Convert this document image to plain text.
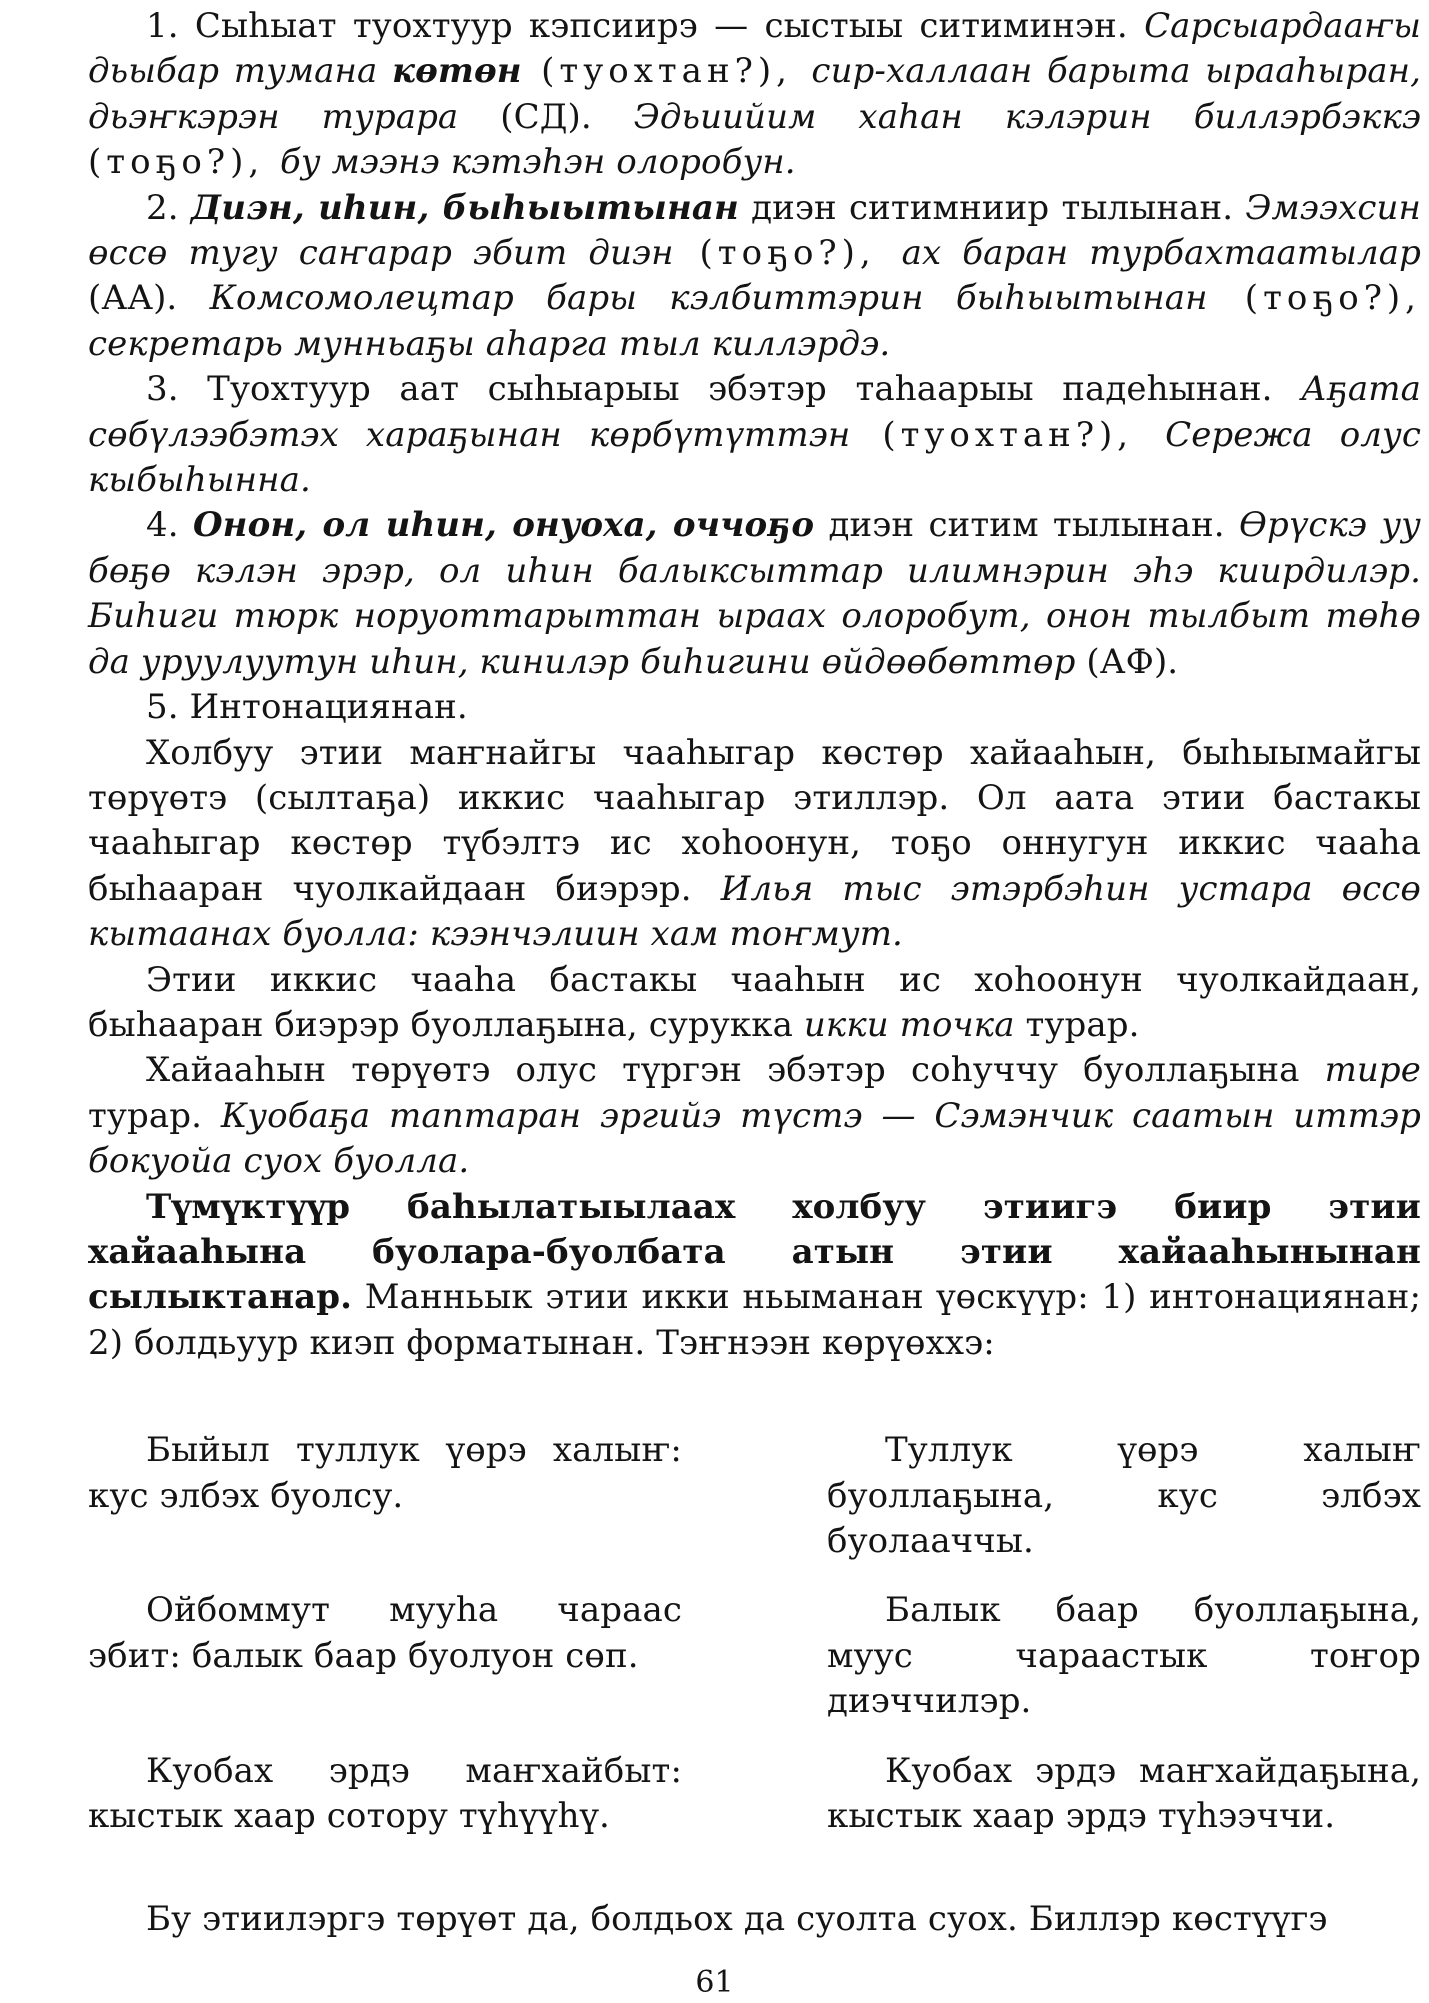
1. Сыһыат туохтуур кэпсиирэ — сыстыы ситиминэн. Сарсыардааҥы дьыбар тумана көтөн (туохтан?), сир-халлаан барыта ырааһыран, дьэҥкэрэн турара (СД). Эдьиийим хаһан кэлэрин биллэрбэккэ (тоҕо?), бу мээнэ кэтэһэн олоробун.

2. Диэн, иһин, быһыытынан диэн ситимниир тылынан. Эмээхсин өссө тугу саҥарар эбит диэн (тоҕо?), ах баран турбахтаатылар (АА). Комсомолецтар бары кэлбиттэрин быһыытынан (тоҕо?), секретарь мунньаҕы аһарга тыл киллэрдэ.

3. Туохтуур аат сыһыарыы эбэтэр таһаарыы падеһынан. Аҕата сөбүлээбэтэх хараҕынан көрбүтүттэн (туохтан?), Сережа олус кыбыһынна.

4. Онон, ол иһин, онуоха, оччоҕо диэн ситим тылынан. Өрүскэ уу бөҕө кэлэн эрэр, ол иһин балыксыттар илимнэрин эһэ киирдилэр. Биһиги тюрк норуоттарыттан ыраах олоробут, онон тылбыт төһө да уруулуутун иһин, кинилэр биһигини өйдөөбөттөр (АФ).

5. Интонациянан.

Холбуу этии маҥнайгы чааһыгар көстөр хайааһын, быһыымайгы төрүөтэ (сылтаҕа) иккис чааһыгар этиллэр. Ол аата этии бастакы чааһыгар көстөр түбэлтэ ис хоһоонун, тоҕо оннугун иккис чааһа быһааран чуолкайдаан биэрэр. Илья тыс этэрбэһин устара өссө кытаанах буолла: кээнчэлиин хам тоҥмут.

Этии иккис чааһа бастакы чааһын ис хоһоонун чуолкайдаан, быһааран биэрэр буоллаҕына, сурукка икки точка турар.

Хайааһын төрүөтэ олус түргэн эбэтэр соһуччу буоллаҕына тире турар. Куобаҕа таптаран эргийэ түстэ — Сэмэнчик саатын иттэр бокуойа суох буолла.

Түмүктүүр баһылатыылаах холбуу этиигэ биир этии хайааһына буолара-буолбата атын этии хайааһынынан сылыктанар. Манньык этии икки ньыманан үөскүүр: 1) интонациянан; 2) болдьуур киэп форматынан. Тэҥнээн көрүөххэ:

Быйыл туллук үөрэ халыҥ: кус элбэх буолсу.

Туллук үөрэ халыҥ буоллаҕына, кус элбэх буолааччы.

Ойбоммут мууһа чараас эбит: балык баар буолуон сөп.

Балык баар буоллаҕына, муус чараастык тоҥор диэччилэр.

Куобах эрдэ маҥхайбыт: кыстык хаар сотору түһүүһү.

Куобах эрдэ маҥхайдаҕына, кыстык хаар эрдэ түһээччи.

Бу этиилэргэ төрүөт да, болдьох да суолта суох. Биллэр көстүүгэ

61
